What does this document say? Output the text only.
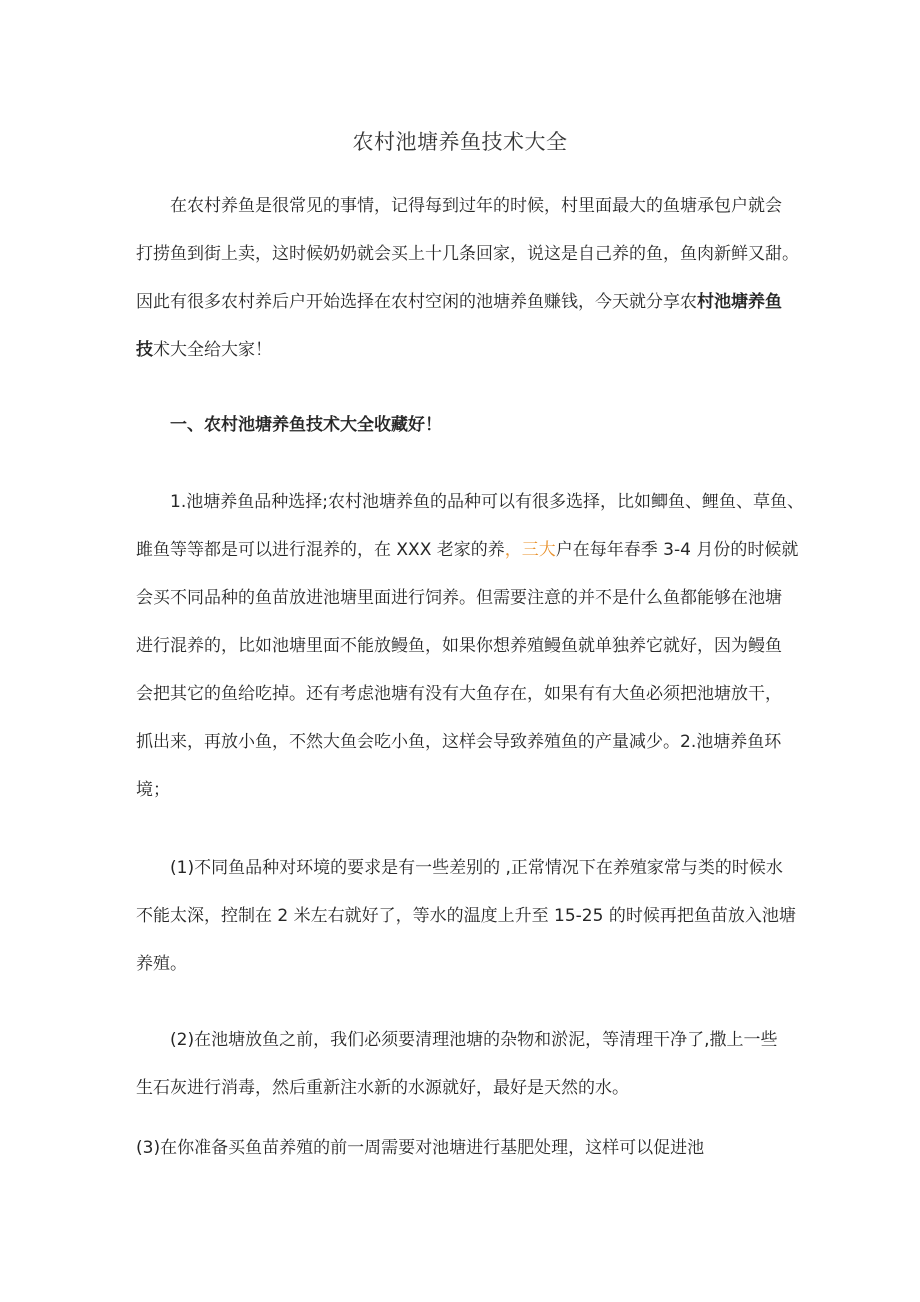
农村池塘养鱼技术大全
在农村养鱼是很常见的事情，记得每到过年的时候，村里面最大的鱼塘承包户就会
打捞鱼到街上卖，这时候奶奶就会买上十几条回家，说这是自己养的鱼，鱼肉新鲜又甜。
因此有很多农村养后户开始选择在农村空闲的池塘养鱼赚钱，今天就分享农村池塘养鱼
技术大全给大家！
一、农村池塘养鱼技术大全收藏好！
1.池塘养鱼品种选择;农村池塘养鱼的品种可以有很多选择，比如鲫鱼、鲤鱼、草鱼、
雎鱼等等都是可以进行混养的，在 XXX 老家的养，三大户在每年春季 3-4 月份的时候就
会买不同品种的鱼苗放进池塘里面进行饲养。但需要注意的并不是什么鱼都能够在池塘
进行混养的，比如池塘里面不能放鳗鱼，如果你想养殖鳗鱼就单独养它就好，因为鳗鱼
会把其它的鱼给吃掉。还有考虑池塘有没有大鱼存在，如果有有大鱼必须把池塘放干，
抓出来，再放小鱼，不然大鱼会吃小鱼，这样会导致养殖鱼的产量减少。2.池塘养鱼环
境；
(1)不同鱼品种对环境的要求是有一些差别的 ,正常情况下在养殖家常与类的时候水
不能太深，控制在 2 米左右就好了，等水的温度上升至 15-25 的时候再把鱼苗放入池塘
养殖。
(2)在池塘放鱼之前，我们必须要清理池塘的杂物和淤泥，等清理干净了,撒上一些
生石灰进行消毒，然后重新注水新的水源就好，最好是天然的水。
(3)在你准备买鱼苗养殖的前一周需要对池塘进行基肥处理，这样可以促进池
